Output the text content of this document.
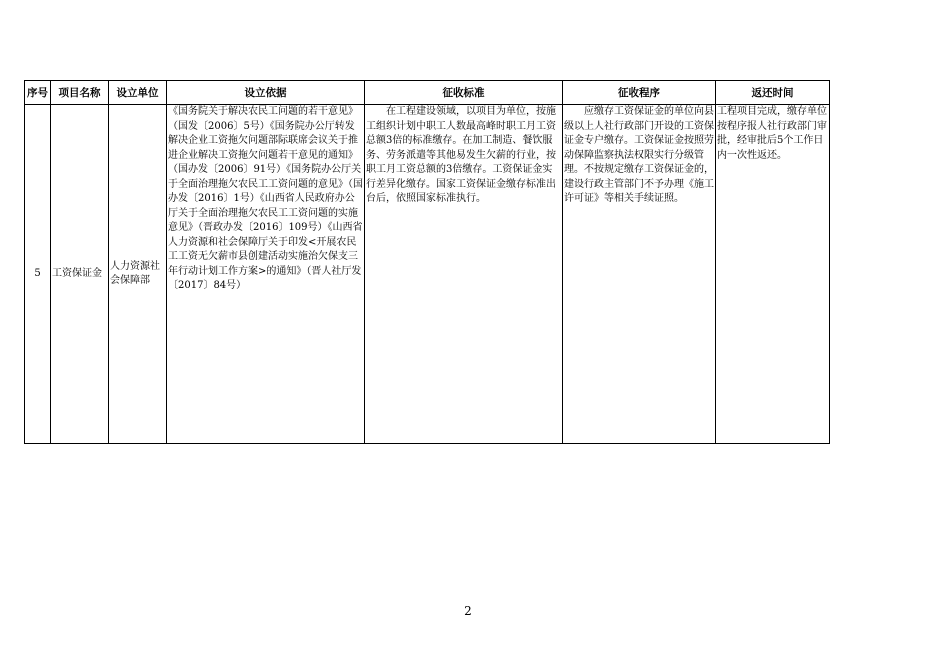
序号	项目名称	设立单位	设立依据	征收标准	征收程序	返还时间
5	工资保证金	人力资源社会保障部	《国务院关于解决农民工问题的若干意见》（国发〔2006〕5号）《国务院办公厅转发解决企业工资拖欠问题部际联席会议关于推进企业解决工资拖欠问题若干意见的通知》（国办发〔2006〕91号）《国务院办公厅关于全面治理拖欠农民工工资问题的意见》（国办发〔2016〕1号）《山西省人民政府办公厅关于全面治理拖欠农民工工资问题的实施意见》（晋政办发〔2016〕109号）《山西省人力资源和社会保障厅关于印发<开展农民工工资无欠薪市县创建活动实施治欠保支三年行动计划工作方案>的通知》（晋人社厅发〔2017〕84号）	在工程建设领域，以项目为单位，按施工组织计划中职工人数最高峰时职工月工资总额3倍的标准缴存。在加工制造、餐饮服务、劳务派遣等其他易发生欠薪的行业，按职工月工资总额的3倍缴存。工资保证金实行差异化缴存。国家工资保证金缴存标准出台后，依照国家标准执行。	应缴存工资保证金的单位向县级以上人社行政部门开设的工资保证金专户缴存。工资保证金按照劳动保障监察执法权限实行分级管理。不按规定缴存工资保证金的，建设行政主管部门不予办理《施工许可证》等相关手续证照。	工程项目完成，缴存单位按程序报人社行政部门审批，经审批后5个工作日内一次性返还。
2
